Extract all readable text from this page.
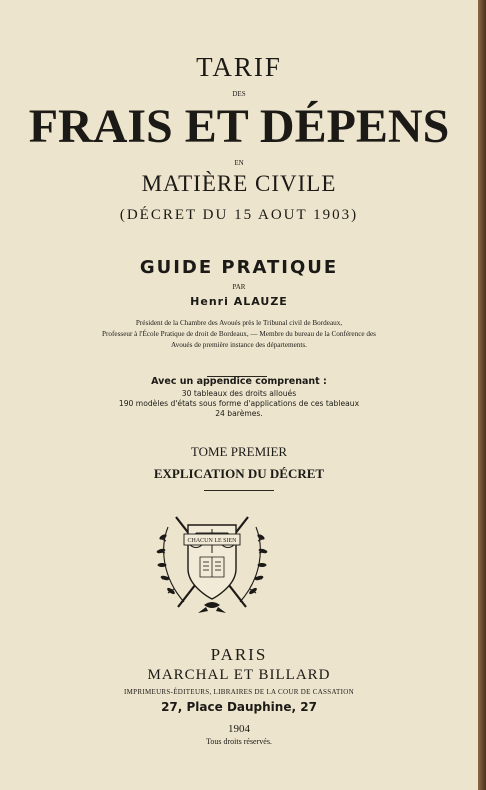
TARIF
DES
FRAIS ET DÉPENS
EN
MATIÈRE CIVILE
(DÉCRET DU 15 AOUT 1903)
GUIDE PRATIQUE
PAR
Henri ALAUZE
Président de la Chambre des Avoués près le Tribunal civil de Bordeaux,
Professeur à l'École Pratique de droit de Bordeaux, — Membre du bureau de la Conférence des
Avoués de première instance des départements.
Avec un appendice comprenant :
30 tableaux des droits alloués
190 modèles d'états sous forme d'applications de ces tableaux
24 barèmes.
TOME PREMIER
EXPLICATION DU DÉCRET
CHACUN LE SIEN
PARIS
MARCHAL ET BILLARD
IMPRIMEURS-ÉDITEURS, LIBRAIRES DE LA COUR DE CASSATION
27, Place Dauphine, 27
1904
Tous droits réservés.
